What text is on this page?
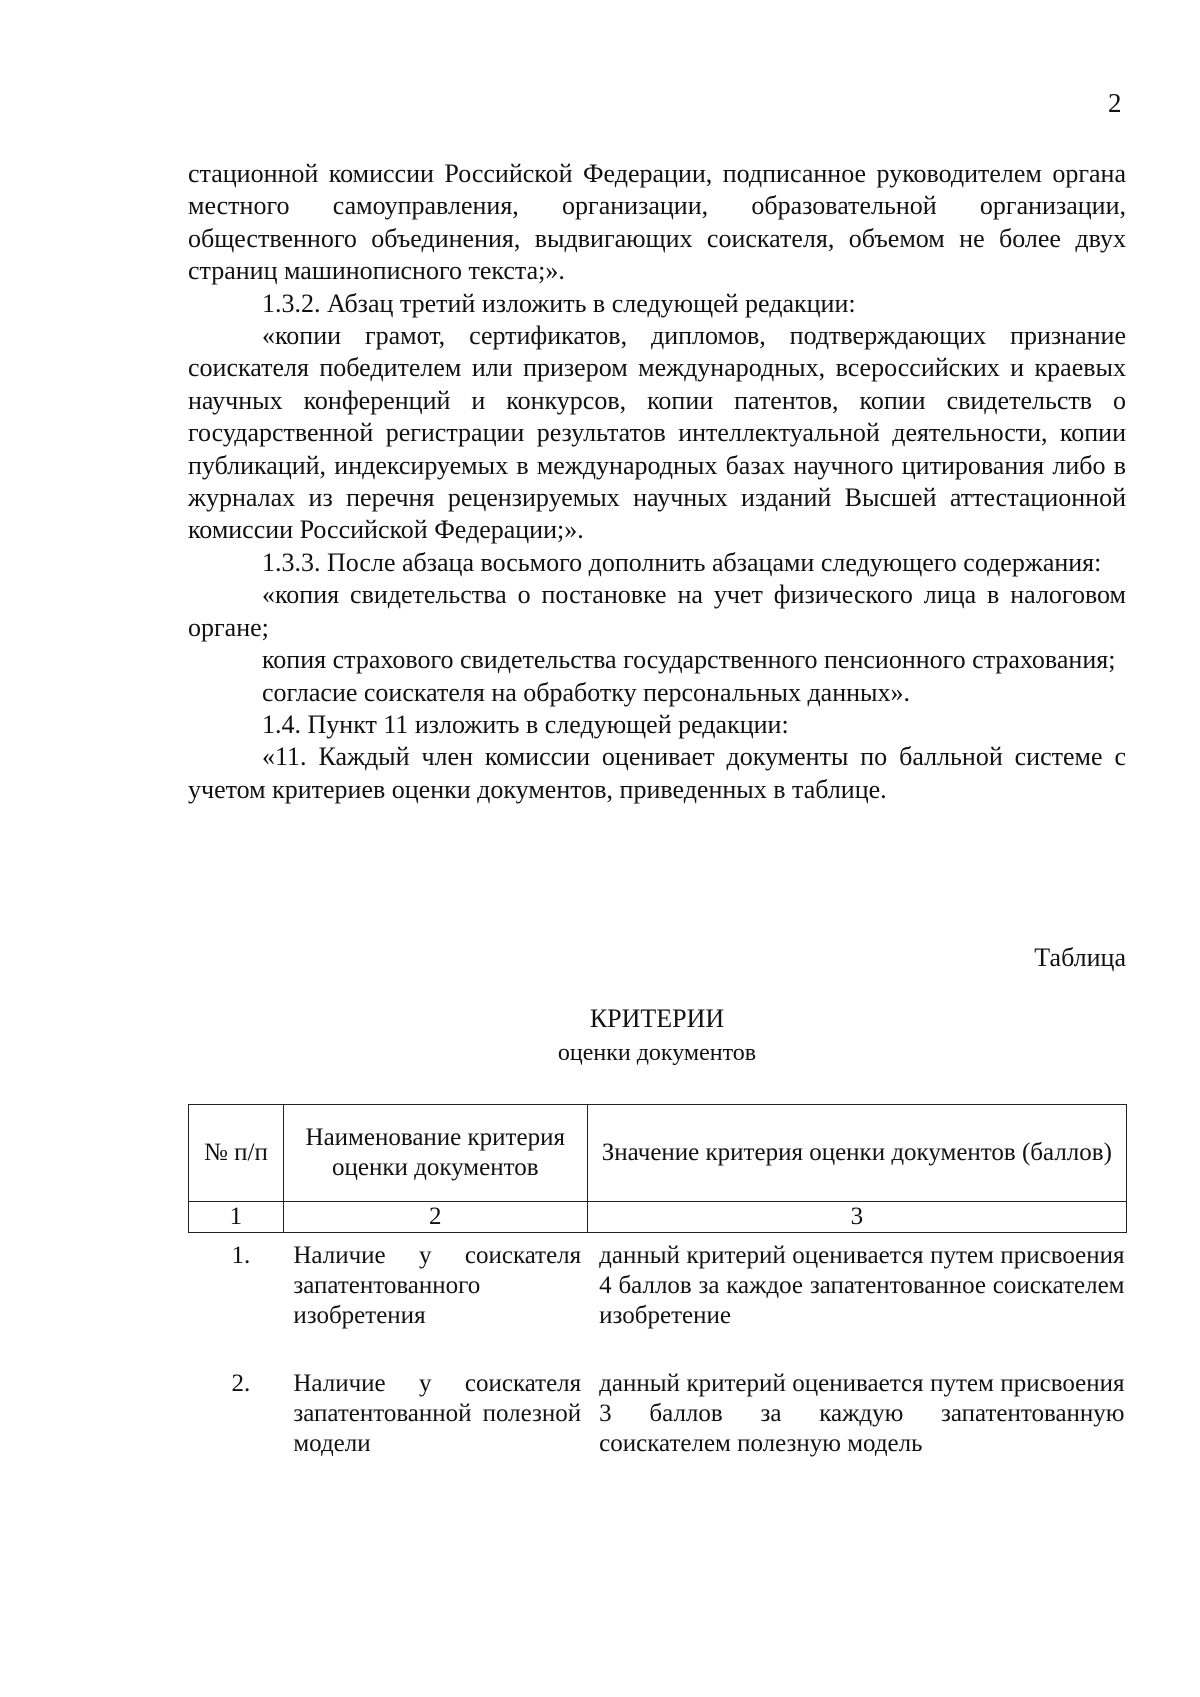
2

стационной комиссии Российской Федерации, подписанное руководителем органа местного самоуправления, организации, образовательной организации, общественного объединения, выдвигающих соискателя, объемом не более двух страниц машинописного текста;».

1.3.2. Абзац третий изложить в следующей редакции:

«копии грамот, сертификатов, дипломов, подтверждающих признание соискателя победителем или призером международных, всероссийских и краевых научных конференций и конкурсов, копии патентов, копии свидетельств о государственной регистрации результатов интеллектуальной деятельности, копии публикаций, индексируемых в международных базах научного цитирования либо в журналах из перечня рецензируемых научных изданий Высшей аттестационной комиссии Российской Федерации;».

1.3.3. После абзаца восьмого дополнить абзацами следующего содержания:

«копия свидетельства о постановке на учет физического лица в налоговом органе;

копия страхового свидетельства государственного пенсионного страхования;

согласие соискателя на обработку персональных данных».

1.4. Пункт 11 изложить в следующей редакции:

«11. Каждый член комиссии оценивает документы по балльной системе с учетом критериев оценки документов, приведенных в таблице.

Таблица
КРИТЕРИИ
оценки документов
№ п/п	Наименование критерия оценки документов	Значение критерия оценки документов (баллов)
1	2	3
1.	Наличие у соискателя запатентованного изобретения	данный критерий оценивается путем присвоения 4 баллов за каждое запатентованное соискателем изобретение
2.	Наличие у соискателя запатентованной полезной модели	данный критерий оценивается путем присвоения 3 баллов за каждую запатентованную соискателем полезную модель
